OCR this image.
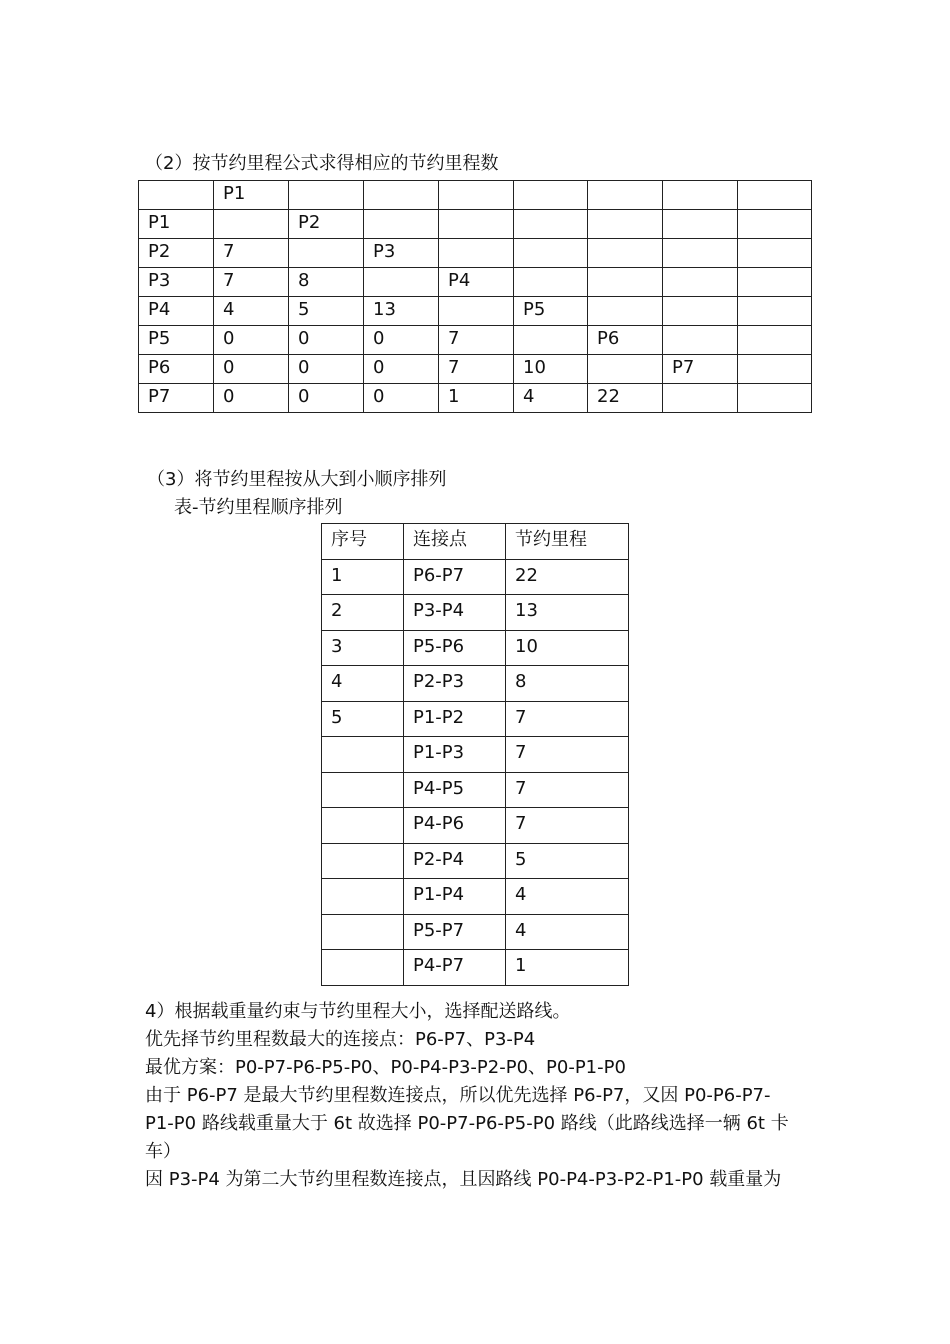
（2）按节约里程公式求得相应的节约里程数
	P1							
P1		P2						
P2	7		P3					
P3	7	8		P4				
P4	4	5	13		P5			
P5	0	0	0	7		P6		
P6	0	0	0	7	10		P7	
P7	0	0	0	1	4	22		
（3）将节约里程按从大到小顺序排列
表-节约里程顺序排列
序号	连接点	节约里程
1	P6-P7	22
2	P3-P4	13
3	P5-P6	10
4	P2-P3	8
5	P1-P2	7
	P1-P3	7
	P4-P5	7
	P4-P6	7
	P2-P4	5
	P1-P4	4
	P5-P7	4
	P4-P7	1
4）根据载重量约束与节约里程大小，选择配送路线。
优先择节约里程数最大的连接点：P6-P7、P3-P4
最优方案：P0-P7-P6-P5-P0、P0-P4-P3-P2-P0、P0-P1-P0
由于 P6-P7 是最大节约里程数连接点，所以优先选择 P6-P7，又因 P0-P6-P7-
P1-P0 路线载重量大于 6t 故选择 P0-P7-P6-P5-P0 路线（此路线选择一辆 6t 卡
车）
因 P3-P4 为第二大节约里程数连接点，且因路线 P0-P4-P3-P2-P1-P0 载重量为
